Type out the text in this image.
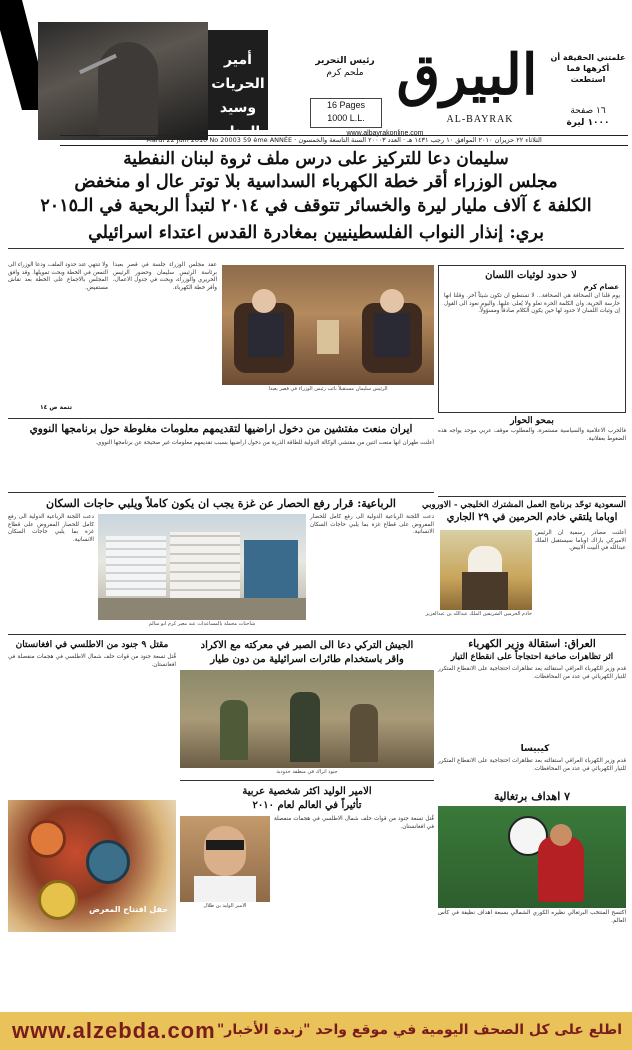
أمير الحريات
وسيد المنابر
رئيس التحرير
ملحم كرم
16 Pages
1000 L.L.
البيرق
AL-BAYRAK
www.albayrakonline.com
علمتني الحقيقة أن أكرهها فما استطعت
١٦ صفحة
١٠٠٠ ليرة
الثلاثاء ٢٢ حزيران ٢٠١٠ الموافق ١٠ رجب ١٤٣١ هـ · العدد ٢٠٠٠٣ السنة التاسعة والخمسون · Mardi 22 Juin 2010 No 20003 59 ème ANNÉE
سليمان دعا للتركيز على درس ملف ثروة لبنان النفطية
مجلس الوزراء أقر خطة الكهرباء السداسية بلا توتر عال او منخفض
الكلفة ٤ آلاف مليار ليرة والخسائر تتوقف في ٢٠١٤ لتبدأ الربحية في الـ٢٠١٥
بري: إنذار النواب الفلسطينيين بمغادرة القدس اعتداء اسرائيلي
لا حدود لوثبات اللسان
عصام كرم
يوم قلنا ان الصحافة هي الصحافة... لا تستطيع ان تكون شيئاً آخر. وقلنا انها حارسة الحرية، وان الكلمة الحرة تعلو ولا يُعلى عليها. واليوم نعود الى القول إن وثبات اللسان لا حدود لها حين يكون الكلام صادقاً ومسؤولاً.
الرئيس سليمان مستقبلاً نائب رئيس الوزراء في قصر بعبدا
ولا تنتهي عند حدود الملف، ودعا الوزراء الى التمعن في الخطة وبحث تمويلها. وقد وافق المجلس بالاجماع على الخطة بعد نقاش مستفيض.
عقد مجلس الوزراء جلسة في قصر بعبدا برئاسة الرئيس سليمان وحضور الرئيس الحريري والوزراء، وبحث في جدول الاعمال، وأقر خطة الكهرباء.
تتمة ص ١٤
ايران منعت مفتشين من دخول اراضيها لتقديمهم معلومات مغلوطة حول برنامجها النووي
أعلنت طهران انها منعت اثنين من مفتشي الوكالة الدولية للطاقة الذرية من دخول اراضيها بسبب تقديمهم معلومات غير صحيحة عن برنامجها النووي.
بمحو الحوار
فالحرب الاعلامية والسياسية مستمرة، والمطلوب موقف عربي موحد يواجه هذه الضغوط بعقلانية.
الرباعية: قرار رفع الحصار عن غزة يجب ان يكون كاملاً ويلبي حاجات السكان
شاحنات محملة بالمساعدات عند معبر كرم ابو سالم
دعت اللجنة الرباعية الدولية الى رفع كامل للحصار المفروض على قطاع غزة بما يلبي حاجات السكان الانسانية.
دعت اللجنة الرباعية الدولية الى رفع كامل للحصار المفروض على قطاع غزة بما يلبي حاجات السكان الانسانية.
السعودية توحّد برنامج العمل المشترك الخليجي - الاوروبي
اوباما يلتقي خادم الحرمين في ٢٩ الجاري
أعلنت مصادر رسمية ان الرئيس الاميركي باراك اوباما سيستقبل الملك عبدالله في البيت الابيض.
خادم الحرمين الشريفين الملك عبدالله بن عبدالعزيز
العراق: استقالة وزير الكهرباء
اثر تظاهرات صاخبة احتجاجاً على انقطاع التيار
قدم وزير الكهرباء العراقي استقالته بعد تظاهرات احتجاجية على الانقطاع المتكرر للتيار الكهربائي في عدد من المحافظات.
كيبيسا
قدم وزير الكهرباء العراقي استقالته بعد تظاهرات احتجاجية على الانقطاع المتكرر للتيار الكهربائي في عدد من المحافظات.
مقتل ٩ جنود من الاطلسي في افغانستان
قُتل تسعة جنود من قوات حلف شمال الاطلسي في هجمات منفصلة في افغانستان.
الجيش التركي دعا الى الصبر في معركته مع الاكراد
واقر باستخدام طائرات اسرائيلية من دون طيار
جنود اتراك في منطقة حدودية
حفل افتتاح المعرض
الامير الوليد اكثر شخصية عربية
تأثيراً في العالم لعام ٢٠١٠
الامير الوليد بن طلال
قُتل تسعة جنود من قوات حلف شمال الاطلسي في هجمات منفصلة في افغانستان.
٧ اهداف برتغالية
اكتسح المنتخب البرتغالي نظيره الكوري الشمالي بسبعة اهداف نظيفة في كأس العالم.
www.alzebda.com اطلع على كل الصحف اليومية في موقع واحد "زبدة الأخبار"
